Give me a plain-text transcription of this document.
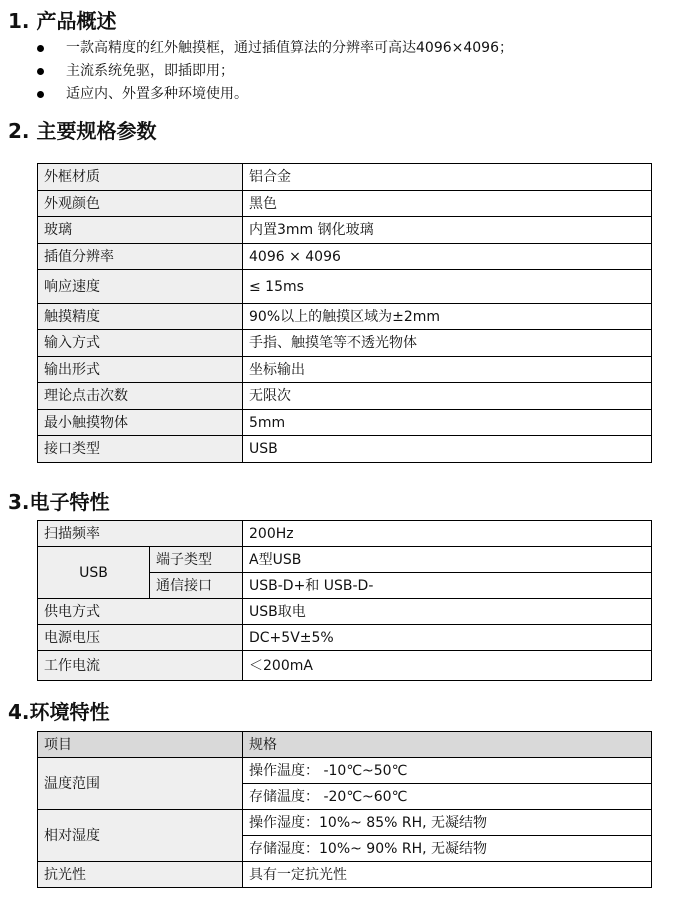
1. 产品概述
一款高精度的红外触摸框，通过插值算法的分辨率可高达4096×4096；
主流系统免驱，即插即用；
适应内、外置多种环境使用。
2. 主要规格参数
外框材质	铝合金
外观颜色	黑色
玻璃	内置3mm 钢化玻璃
插值分辨率	4096 × 4096
响应速度	≤ 15ms
触摸精度	90%以上的触摸区域为±2mm
输入方式	手指、触摸笔等不透光物体
输出形式	坐标输出
理论点击次数	无限次
最小触摸物体	5mm
接口类型	USB
3.电子特性
扫描频率		200Hz
USB	端子类型	A型USB
	通信接口	USB-D+和 USB-D-
供电方式		USB取电
电源电压		DC+5V±5%
工作电流		＜200mA
4.环境特性
项目	规格
温度范围	操作温度： -10℃~50℃
	存储温度： -20℃~60℃
相对湿度	操作湿度：10%~ 85% RH, 无凝结物
	存储湿度：10%~ 90% RH, 无凝结物
抗光性	具有一定抗光性
